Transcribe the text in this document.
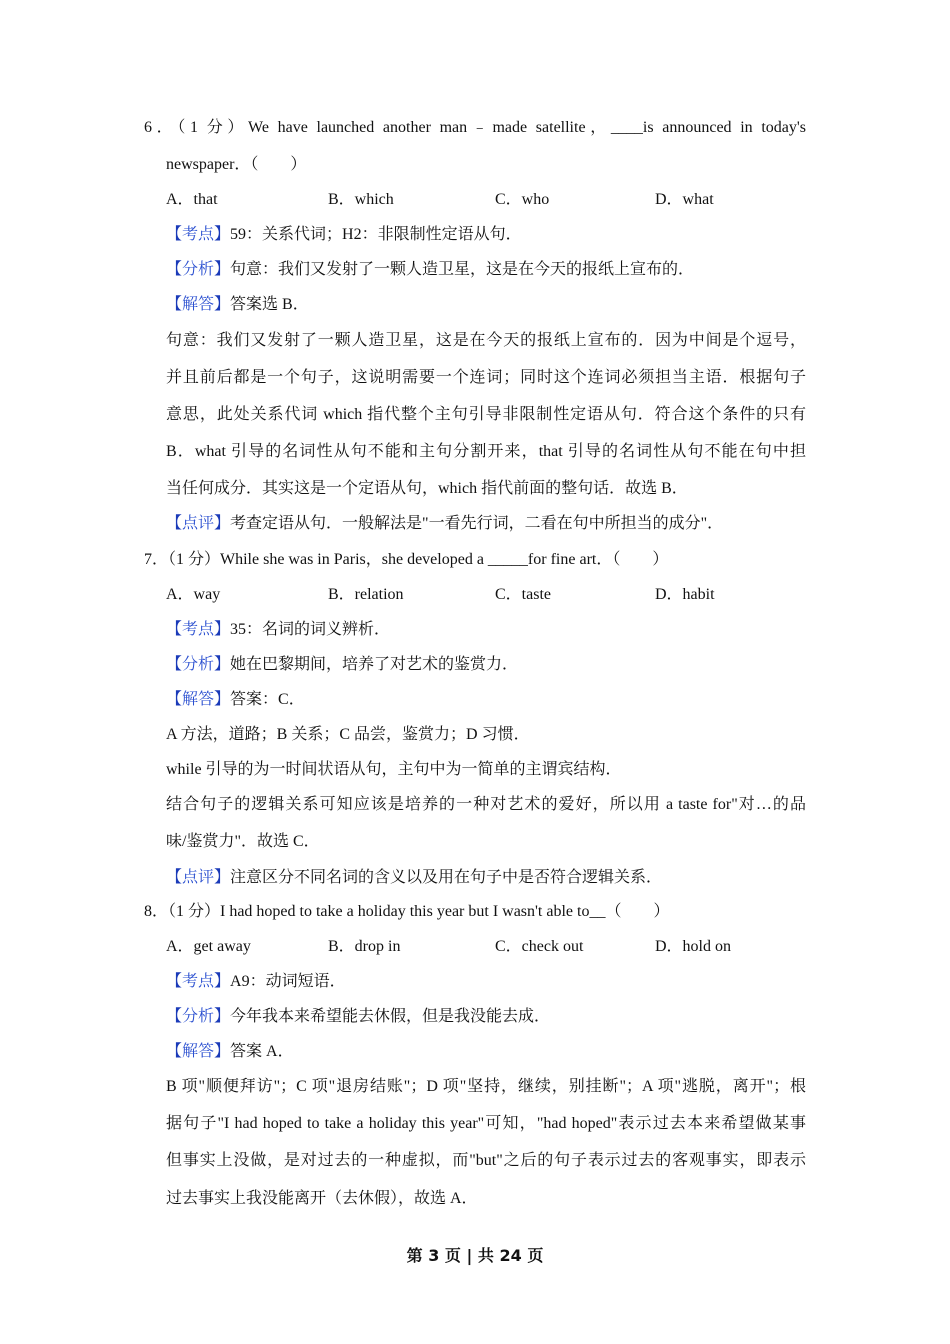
6．（1 分）We have launched another man﹣made satellite，____is announced in today's
newspaper．（　　）
A．that	B．which	C．who	D．what
【考点】59：关系代词；H2：非限制性定语从句．
【分析】句意：我们又发射了一颗人造卫星，这是在今天的报纸上宣布的．
【解答】答案选 B．
句意：我们又发射了一颗人造卫星，这是在今天的报纸上宣布的．因为中间是个逗号，
并且前后都是一个句子，这说明需要一个连词；同时这个连词必须担当主语．根据句子
意思，此处关系代词 which 指代整个主句引导非限制性定语从句．符合这个条件的只有
B．what 引导的名词性从句不能和主句分割开来，that 引导的名词性从句不能在句中担
当任何成分．其实这是一个定语从句，which 指代前面的整句话．故选 B．
【点评】考查定语从句．一般解法是"一看先行词，二看在句中所担当的成分"．
7．（1 分）While she was in Paris，she developed a _____for fine art．（　　）
A．way	B．relation	C．taste	D．habit
【考点】35：名词的词义辨析．
【分析】她在巴黎期间，培养了对艺术的鉴赏力．
【解答】答案：C．
A 方法，道路；B 关系；C 品尝，鉴赏力；D 习惯．
while 引导的为一时间状语从句，主句中为一简单的主谓宾结构．
结合句子的逻辑关系可知应该是培养的一种对艺术的爱好，所以用 a taste for"对…的品
味/鉴赏力"．故选 C．
【点评】注意区分不同名词的含义以及用在句子中是否符合逻辑关系．
8．（1 分）I had hoped to take a holiday this year but I wasn't able to__（　　）
A．get away	B．drop in	C．check out	D．hold on
【考点】A9：动词短语．
【分析】今年我本来希望能去休假，但是我没能去成．
【解答】答案 A．
B 项"顺便拜访"；C 项"退房结账"；D 项"坚持，继续，别挂断"；A 项"逃脱，离开"；根
据句子"I had hoped to take a holiday this year"可知，"had hoped"表示过去本来希望做某事
但事实上没做，是对过去的一种虚拟，而"but"之后的句子表示过去的客观事实，即表示
过去事实上我没能离开（去休假），故选 A．
第 3 页 | 共 24 页
